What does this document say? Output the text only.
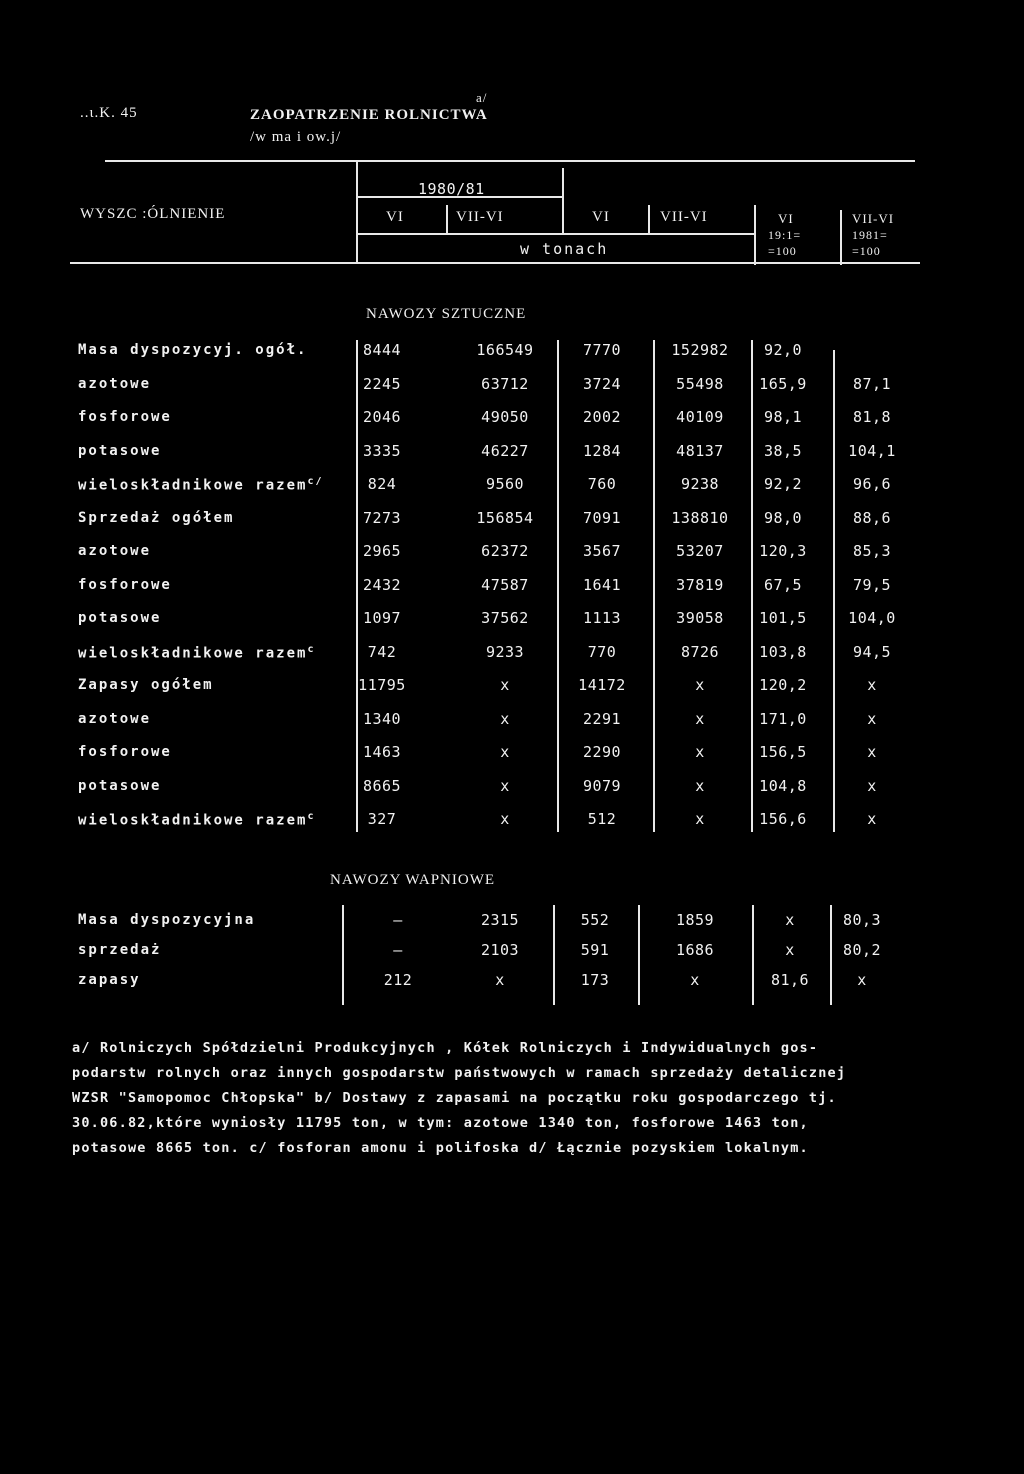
..ɩ.K. 45	ZAOPATRZENIE ROLNICTWA
a/
/w ma i ow.j/
WYSZC :ÓLNIENIE
1980/81
VI	VII-VI	VI	VII-VI	VI
19:1=
=100
VII-VI
1981=
=100
w tonach
NAWOZY SZTUCZNE
Masa dyspozycyj. ogół.	8444	166549	7770	152982	92,0
azotowe	2245	63712	3724	55498	165,9	87,1
fosforowe	2046	49050	2002	40109	98,1	81,8
potasowe	3335	46227	1284	48137	38,5	104,1
wieloskładnikowe razem$^{c/}$	824	9560	760	9238	92,2	96,6
Sprzedaż ogółem	7273	156854	7091	138810	98,0	88,6
azotowe	2965	62372	3567	53207	120,3	85,3
fosforowe	2432	47587	1641	37819	67,5	79,5
potasowe	1097	37562	1113	39058	101,5	104,0
wieloskładnikowe razem$^c$	742	9233	770	8726	103,8	94,5
Zapasy ogółem	11795	x	14172	x	120,2	x
azotowe	1340	x	2291	x	171,0	x
fosforowe	1463	x	2290	x	156,5	x
potasowe	8665	x	9079	x	104,8	x
wieloskładnikowe razem$^c$	327	x	512	x	156,6	x
NAWOZY WAPNIOWE
Masa dyspozycyjna	–	2315	552	1859	x	80,3
sprzedaż	–	2103	591	1686	x	80,2
zapasy	212	x	173	x	81,6	x
a/ Rolniczych Spółdzielni Produkcyjnych , Kółek Rolniczych i Indywidualnych gos-
podarstw rolnych oraz innych gospodarstw państwowych w ramach sprzedaży detalicznej
WZSR "Samopomoc Chłopska" b/ Dostawy z zapasami na początku roku gospodarczego tj.
30.06.82,które wyniosły 11795 ton, w tym: azotowe 1340 ton, fosforowe 1463 ton,
potasowe 8665 ton. c/ fosforan amonu i polifoska d/ Łącznie pozyskiem lokalnym.
